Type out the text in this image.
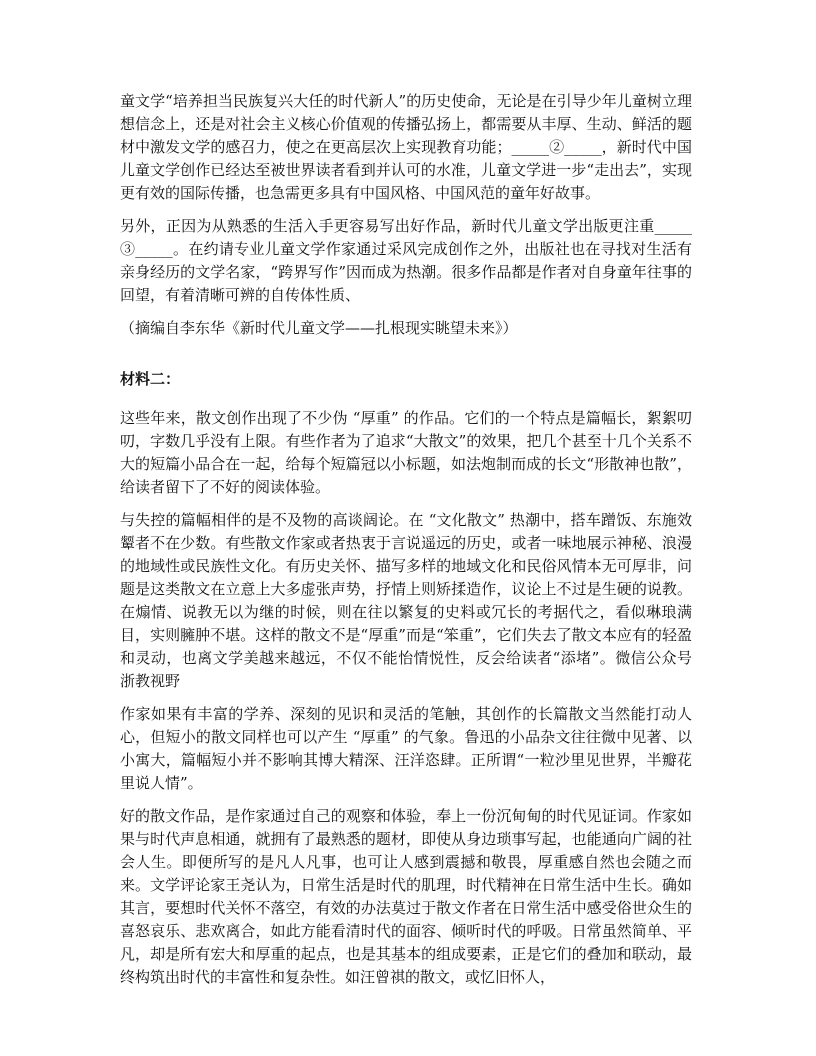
童文学“培养担当民族复兴大任的时代新人”的历史使命，无论是在引导少年儿童树立理想信念上，还是对社会主义核心价值观的传播弘扬上，都需要从丰厚、生动、鲜活的题材中激发文学的感召力，使之在更高层次上实现教育功能；_____②_____，新时代中国儿童文学创作已经达至被世界读者看到并认可的水准，儿童文学进一步“走出去”，实现更有效的国际传播，也急需更多具有中国风格、中国风范的童年好故事。

另外，正因为从熟悉的生活入手更容易写出好作品，新时代儿童文学出版更注重_____③_____。在约请专业儿童文学作家通过采风完成创作之外，出版社也在寻找对生活有亲身经历的文学名家，“跨界写作”因而成为热潮。很多作品都是作者对自身童年往事的回望，有着清晰可辨的自传体性质、

（摘编自李东华《新时代儿童文学——扎根现实眺望未来》）

材料二：

这些年来，散文创作出现了不少伪 “厚重” 的作品。它们的一个特点是篇幅长，絮絮叨叨，字数几乎没有上限。有些作者为了追求“大散文”的效果，把几个甚至十几个关系不大的短篇小品合在一起，给每个短篇冠以小标题，如法炮制而成的长文“形散神也散”，给读者留下了不好的阅读体验。

与失控的篇幅相伴的是不及物的高谈阔论。在 “文化散文” 热潮中，搭车蹭饭、东施效颦者不在少数。有些散文作家或者热衷于言说遥远的历史，或者一味地展示神秘、浪漫的地域性或民族性文化。有历史关怀、描写多样的地域文化和民俗风情本无可厚非，问题是这类散文在立意上大多虚张声势，抒情上则矫揉造作，议论上不过是生硬的说教。在煽情、说教无以为继的时候，则在往以繁复的史料或冗长的考据代之，看似琳琅满目，实则臃肿不堪。这样的散文不是“厚重”而是“笨重”，它们失去了散文本应有的轻盈和灵动，也离文学美越来越远，不仅不能怡情悦性，反会给读者“添堵”。微信公众号 浙教视野

作家如果有丰富的学养、深刻的见识和灵活的笔触，其创作的长篇散文当然能打动人心，但短小的散文同样也可以产生 “厚重” 的气象。鲁迅的小品杂文往往微中见著、以小寓大，篇幅短小并不影响其博大精深、汪洋恣肆。正所谓“一粒沙里见世界，半瓣花里说人情”。

好的散文作品，是作家通过自己的观察和体验，奉上一份沉甸甸的时代见证词。作家如果与时代声息相通，就拥有了最熟悉的题材，即使从身边琐事写起，也能通向广阔的社会人生。即便所写的是凡人凡事，也可让人感到震撼和敬畏，厚重感自然也会随之而来。文学评论家王尧认为，日常生活是时代的肌理，时代精神在日常生活中生长。确如其言，要想时代关怀不落空，有效的办法莫过于散文作者在日常生活中感受俗世众生的喜怒哀乐、悲欢离合，如此方能看清时代的面容、倾听时代的呼吸。日常虽然简单、平凡，却是所有宏大和厚重的起点，也是其基本的组成要素，正是它们的叠加和联动，最终构筑出时代的丰富性和复杂性。如汪曾祺的散文，或忆旧怀人，
